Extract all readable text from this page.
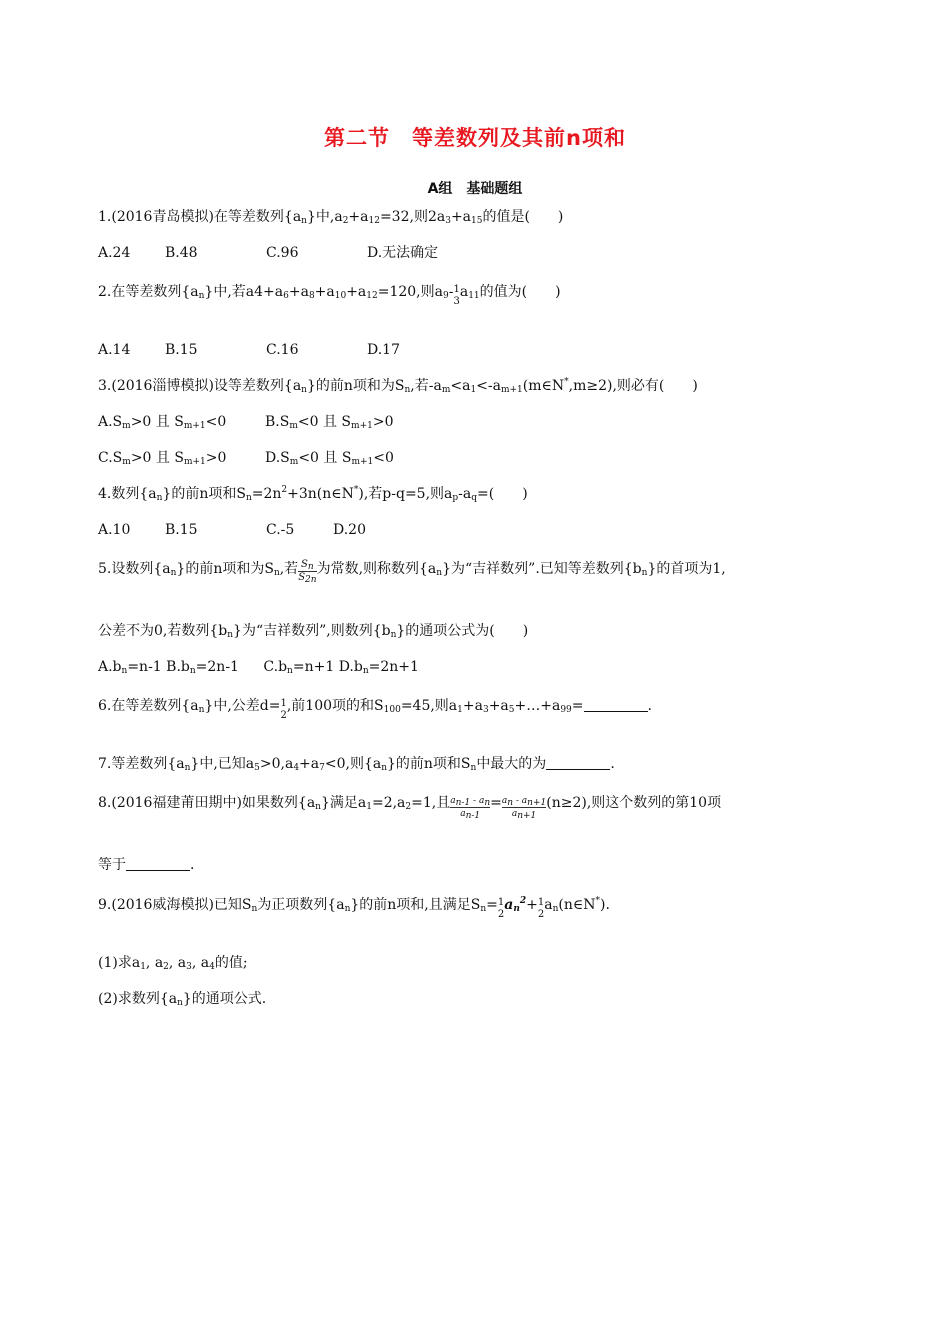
第二节　等差数列及其前n项和
A组　基础题组
1.(2016青岛模拟)在等差数列$\{a_n\}$中$,a_2+a_{12}=32$,则$2a_3+a_{15}$的值是(　　)
A.24 B.48	C.96	D.无法确定
2.在等差数列$\{a_n\}$中,若$a4+a_6+a_8+a_{10}+a_{12}=120$,则$a_9-$ 1
3
$a_{11}$的值为(　　)
A.14 B.15	C.16	D.17
3.(2016淄博模拟)设等差数列$\{a_n\}$的前n项和为$S_n$,若$-a_m<a_1<-a_{m+1}(m\in N^*,m\ge 2)$,则必有(　　)
$A.S_m>0$ 且 $S_{m+1}<0$	$B.S_m<0$ 且 $S_{m+1}>0$
$C.S_m>0$ 且 $S_{m+1}>0$	$D.S_m<0$ 且 $S_{m+1}<0$
4.数列$\{a_n\}$的前n项和$S_n=2n^2+3n(n\in N^*)$,若p-q=5,则$a_p-a_q=$(　　)
A.10 B.15	C.-5	D.20
5.设数列$\{a_n\}$的前n项和为$S_n$,若 $\frac{S_n}{S_{2n}}$ 为常数,则称数列$\{a_n\}$为“吉祥数列”.已知等差数列$\{b_n\}$的首项为1,
公差不为0,若数列$\{b_n\}$为“吉祥数列”,则数列$\{b_n\}$的通项公式为(　　)
$A.b_n=n-1$ $B.b_n=2n-1$ $C.b_n=n+1$ $D.b_n=2n+1$
6.在等差数列$\{a_n\}$中,公差d= 1
2
,前100项的和$S_{100}=45$,则$a_1+a_3+a_5+\dots+a_{99}=$	.
7.等差数列$\{a_n\}$中,已知$a_5>0,a_4+a_7<0$,则$\{a_n\}$的前n项和$S_n$中最大的为	.
8.(2016福建莆田期中)如果数列$\{a_n\}$满足$a_1=2,a_2=1$,且 $\frac{a_{n-1} - a_n}{a_{n-1}} = \frac{a_n - a_{n+1}}{a_{n+1}} (n\ge 2)$,则这个数列的第10项
等于	.
9.(2016威海模拟)已知$S_n$为正项数列$\{a_n\}$的前n项和,且满足$S_n= 1$
2
$a_n^2+ 1$
2
$a_n(n\in N^*)$.
(1)求$a_1$, $a_2$, $a_3$, $a_4$的值;
(2)求数列$\{a_n\}$的通项公式.
